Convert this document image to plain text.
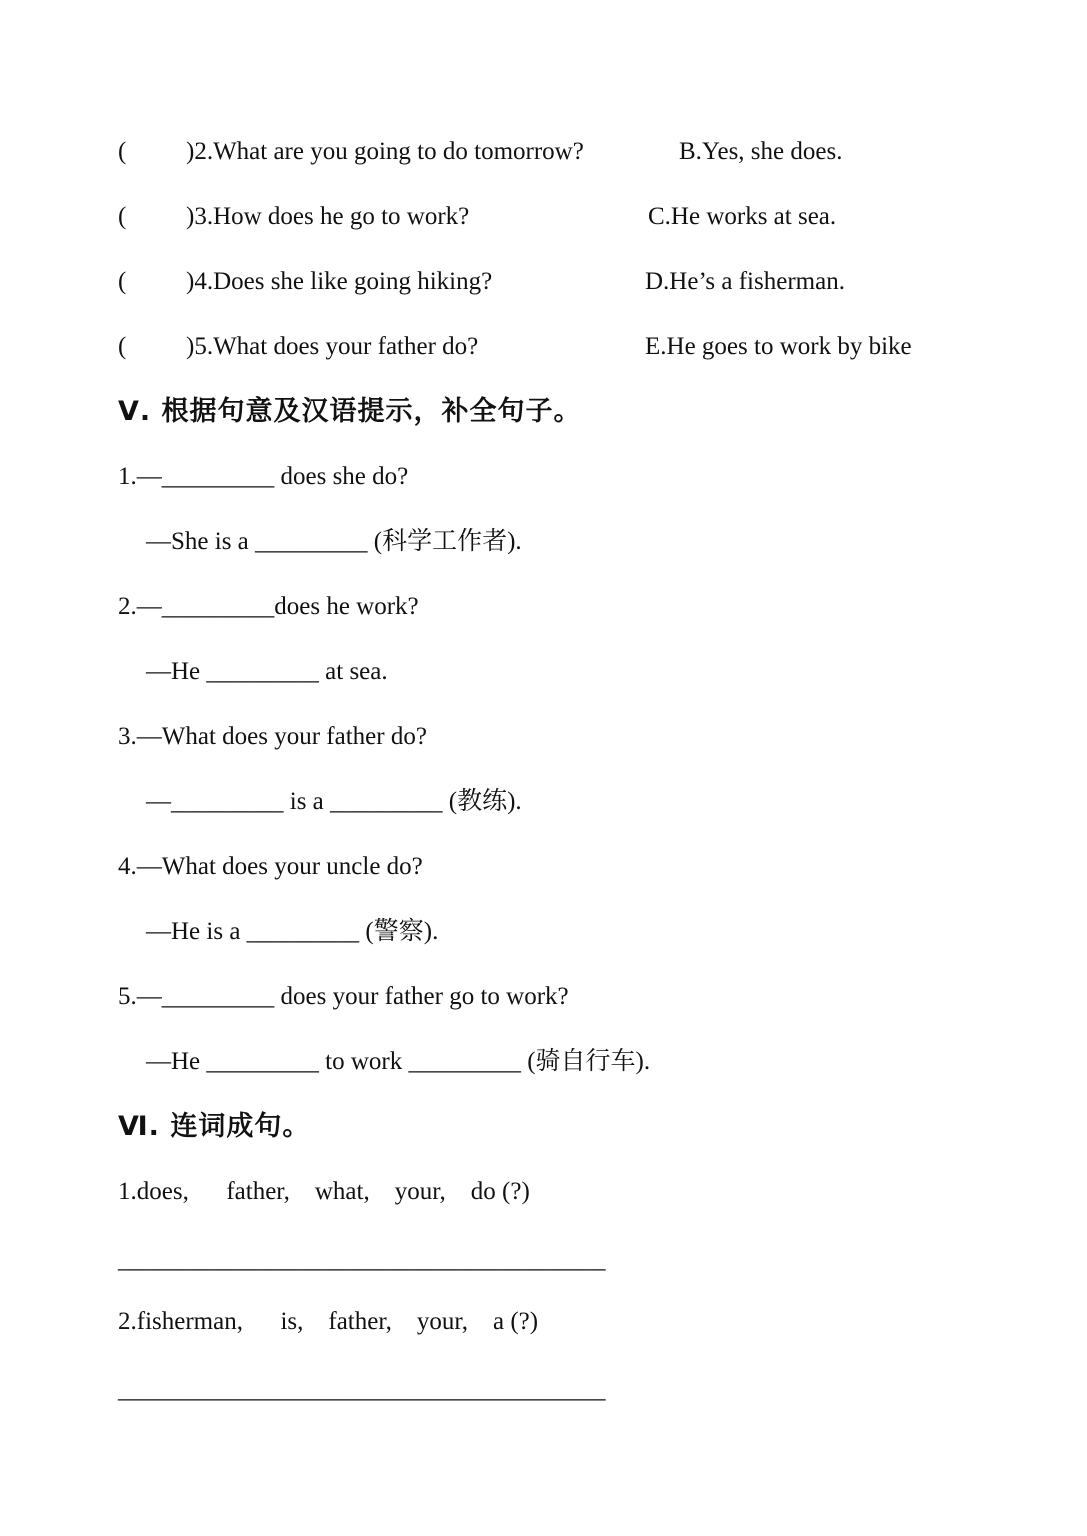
( )2.What are you going to do tomorrow?	B.Yes, she does.
( )3.How does he go to work?	C.He works at sea.
( )4.Does she like going hiking?	D.He’s a fisherman.
( )5.What does your father do?	E.He goes to work by bike
Ⅴ. 根据句意及汉语提示，补全句子。
1.—_________ does she do?
—She is a _________ (科学工作者).
2.—_________does he work?
—He _________ at sea.
3.—What does your father do?
—_________ is a _________ (教练).
4.—What does your uncle do?
—He is a _________ (警察).
5.—_________ does your father go to work?
—He _________ to work _________ (骑自行车).
Ⅵ. 连词成句。
1.does,      father,    what,    your,    do (?)
_______________________________________
2.fisherman,      is,    father,    your,    a (?)
_______________________________________
